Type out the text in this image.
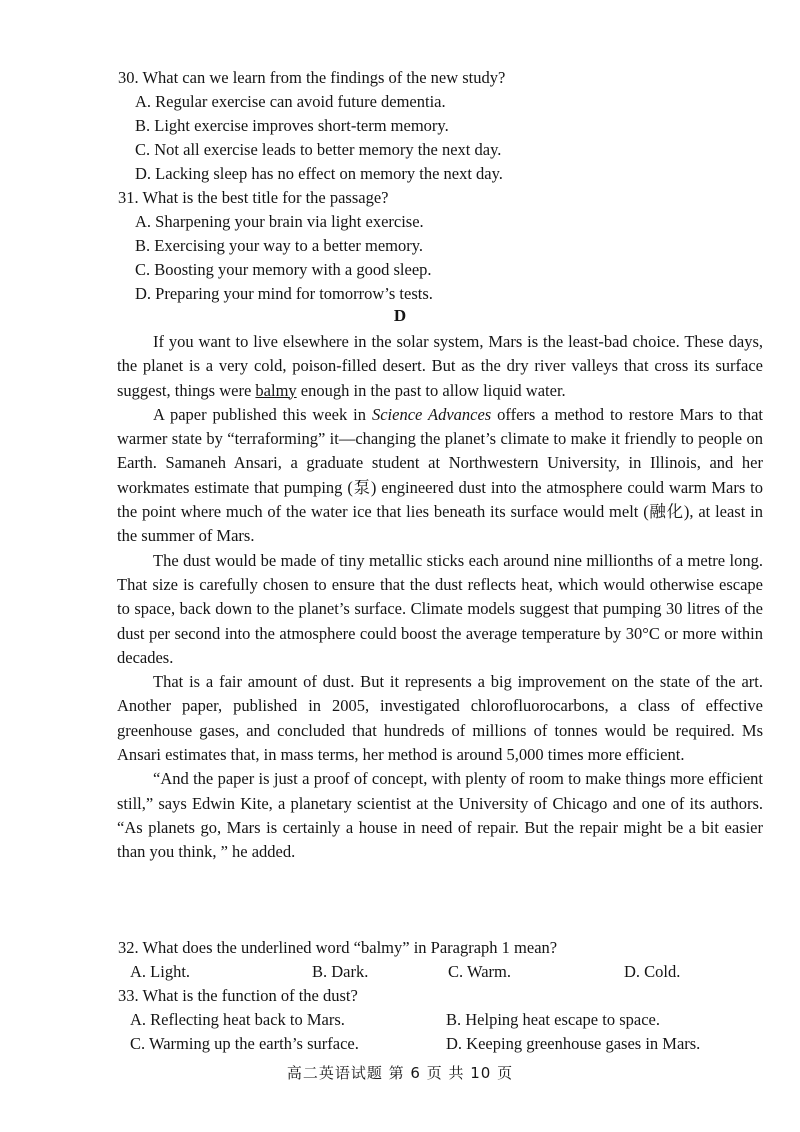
30. What can we learn from the findings of the new study?
A. Regular exercise can avoid future dementia.
B. Light exercise improves short-term memory.
C. Not all exercise leads to better memory the next day.
D. Lacking sleep has no effect on memory the next day.
31. What is the best title for the passage?
A. Sharpening your brain via light exercise.
B. Exercising your way to a better memory.
C. Boosting your memory with a good sleep.
D. Preparing your mind for tomorrow’s tests.
D

If you want to live elsewhere in the solar system, Mars is the least-bad choice. These days, the planet is a very cold, poison-filled desert. But as the dry river valleys that cross its surface suggest, things were balmy enough in the past to allow liquid water.

A paper published this week in Science Advances offers a method to restore Mars to that warmer state by “terraforming” it—changing the planet’s climate to make it friendly to people on Earth. Samaneh Ansari, a graduate student at Northwestern University, in Illinois, and her workmates estimate that pumping (泵) engineered dust into the atmosphere could warm Mars to the point where much of the water ice that lies beneath its surface would melt (融化), at least in the summer of Mars.

The dust would be made of tiny metallic sticks each around nine millionths of a metre long. That size is carefully chosen to ensure that the dust reflects heat, which would otherwise escape to space, back down to the planet’s surface. Climate models suggest that pumping 30 litres of the dust per second into the atmosphere could boost the average temperature by 30°C or more within decades.

That is a fair amount of dust. But it represents a big improvement on the state of the art. Another paper, published in 2005, investigated chlorofluorocarbons, a class of effective greenhouse gases, and concluded that hundreds of millions of tonnes would be required. Ms Ansari estimates that, in mass terms, her method is around 5,000 times more efficient.

“And the paper is just a proof of concept, with plenty of room to make things more efficient still,” says Edwin Kite, a planetary scientist at the University of Chicago and one of its authors. “As planets go, Mars is certainly a house in need of repair. But the repair might be a bit easier than you think, ” he added.

32. What does the underlined word “balmy” in Paragraph 1 mean?
A. Light.	B. Dark.	C. Warm.	D. Cold.
33. What is the function of the dust?
A. Reflecting heat back to Mars.	B. Helping heat escape to space.
C. Warming up the earth’s surface.	D. Keeping greenhouse gases in Mars.
高二英语试题 第 6 页 共 10 页
